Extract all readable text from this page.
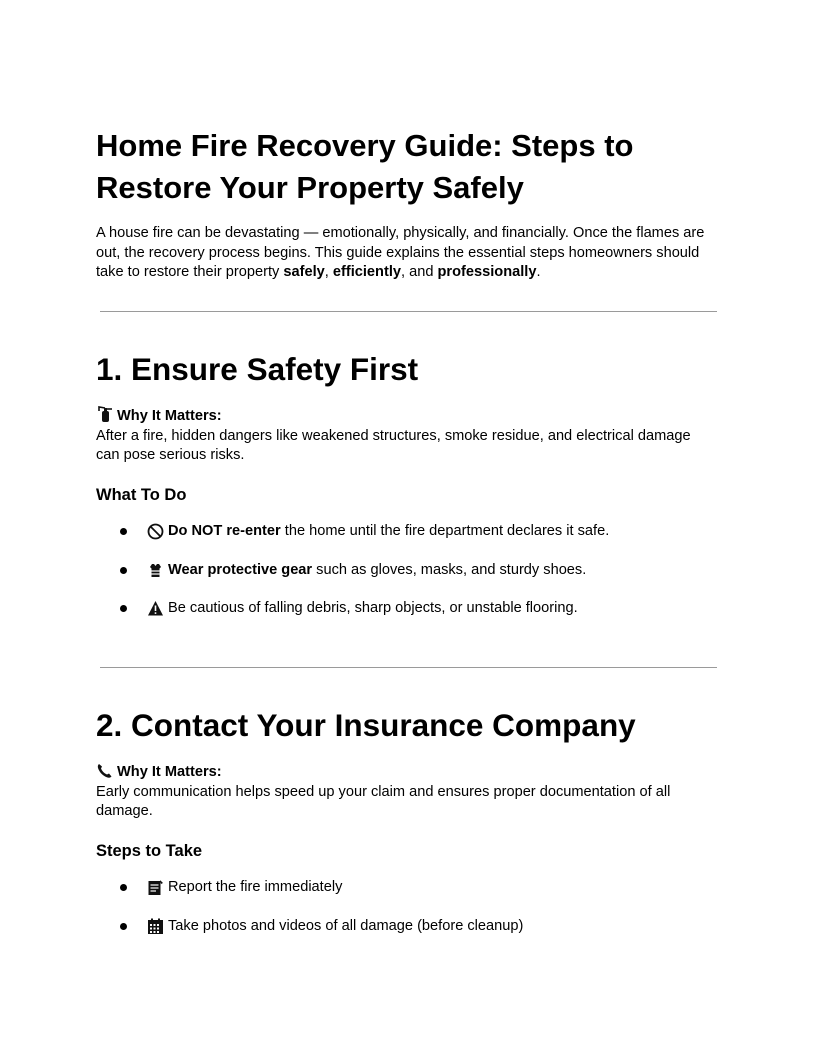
Home Fire Recovery Guide: Steps to Restore Your Property Safely

A house fire can be devastating — emotionally, physically, and financially. Once the flames are out, the recovery process begins. This guide explains the essential steps homeowners should take to restore their property safely, efficiently, and professionally.

1. Ensure Safety First

Why It Matters:
After a fire, hidden dangers like weakened structures, smoke residue, and electrical damage can pose serious risks.

What To Do
Do NOT re-enter the home until the fire department declares it safe.
Wear protective gear such as gloves, masks, and sturdy shoes.
Be cautious of falling debris, sharp objects, or unstable flooring.
2. Contact Your Insurance Company

Why It Matters:
Early communication helps speed up your claim and ensures proper documentation of all damage.

Steps to Take
Report the fire immediately
Take photos and videos of all damage (before cleanup)
